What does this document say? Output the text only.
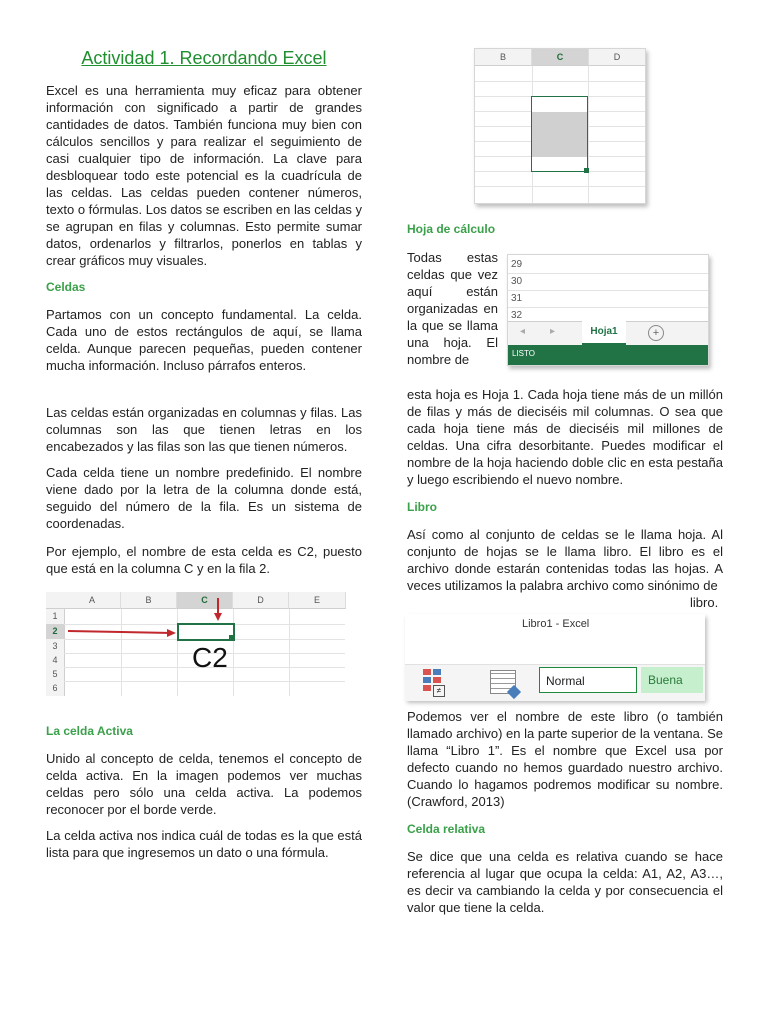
Actividad 1. Recordando Excel

Excel es una herramienta muy eficaz para obtener información con significado a partir de grandes cantidades de datos. También funciona muy bien con cálculos sencillos y para realizar el seguimiento de casi cualquier tipo de información. La clave para desbloquear todo este potencial es la cuadrícula de las celdas. Las celdas pueden contener números, texto o fórmulas. Los datos se escriben en las celdas y se agrupan en filas y columnas. Esto permite sumar datos, ordenarlos y filtrarlos, ponerlos en tablas y crear gráficos muy visuales.

Celdas

Partamos con un concepto fundamental. La celda. Cada uno de estos rectángulos de aquí, se llama celda. Aunque parecen pequeñas, pueden contener mucha información. Incluso párrafos enteros.

Las celdas están organizadas en columnas y filas. Las columnas son las que tienen letras en los encabezados y las filas son las que tienen números.

Cada celda tiene un nombre predefinido. El nombre viene dado por la letra de la columna donde está, seguido del número de la fila. Es un sistema de coordenadas.

Por ejemplo, el nombre de esta celda es C2, puesto que está en la columna C y en la fila 2.

A	B	C	D	E
1
2
3
4
5
6
C2
La celda Activa

Unido al concepto de celda, tenemos el concepto de celda activa. En la imagen podemos ver muchas celdas pero sólo una celda activa. La podemos reconocer por el borde verde.

La celda activa nos indica cuál de todas es la que está lista para que ingresemos un dato o una fórmula.

B	C	D
Hoja de cálculo

Todas estas celdas que vez aquí están organizadas en la que se llama una hoja. El nombre de

29
30
31
32
◂ ▸	Hoja1	+
LISTO

esta hoja es Hoja 1. Cada hoja tiene más de un millón de filas y más de dieciséis mil columnas. O sea que cada hoja tiene más de dieciséis mil millones de celdas. Una cifra desorbitante. Puedes modificar el nombre de la hoja haciendo doble clic en esta pestaña y luego escribiendo el nuevo nombre.

Libro

Así como al conjunto de celdas se le llama hoja. Al conjunto de hojas se le llama libro. El libro es el archivo donde estarán contenidas todas las hojas. A veces utilizamos la palabra archivo como sinónimo de

libro.
Libro1 - Excel
≠
Normal	Buena

Podemos ver el nombre de este libro (o también llamado archivo) en la parte superior de la ventana. Se llama “Libro 1”. Es el nombre que Excel usa por defecto cuando no hemos guardado nuestro archivo. Cuando lo hagamos podremos modificar su nombre. (Crawford, 2013)

Celda relativa

Se dice que una celda es relativa cuando se hace referencia al lugar que ocupa la celda: A1, A2, A3…, es decir va cambiando la celda y por consecuencia el valor que tiene la celda.
